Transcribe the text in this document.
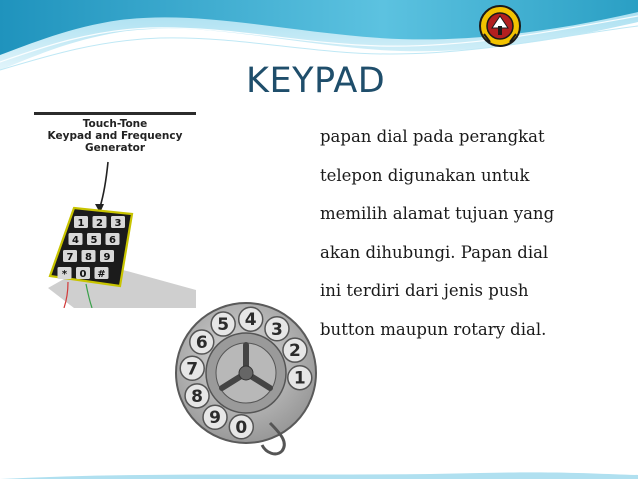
KEYPAD
papan dial pada perangkat
telepon digunakan untuk
memilih alamat tujuan yang
akan dihubungi. Papan dial
ini terdiri dari jenis push
button maupun rotary dial.
1 2 3
4 5 6
7 8 9
* 0 #
Touch-Tone
Keypad and Frequency
Generator
1
2
3
4
5
6
7
8
9 0
